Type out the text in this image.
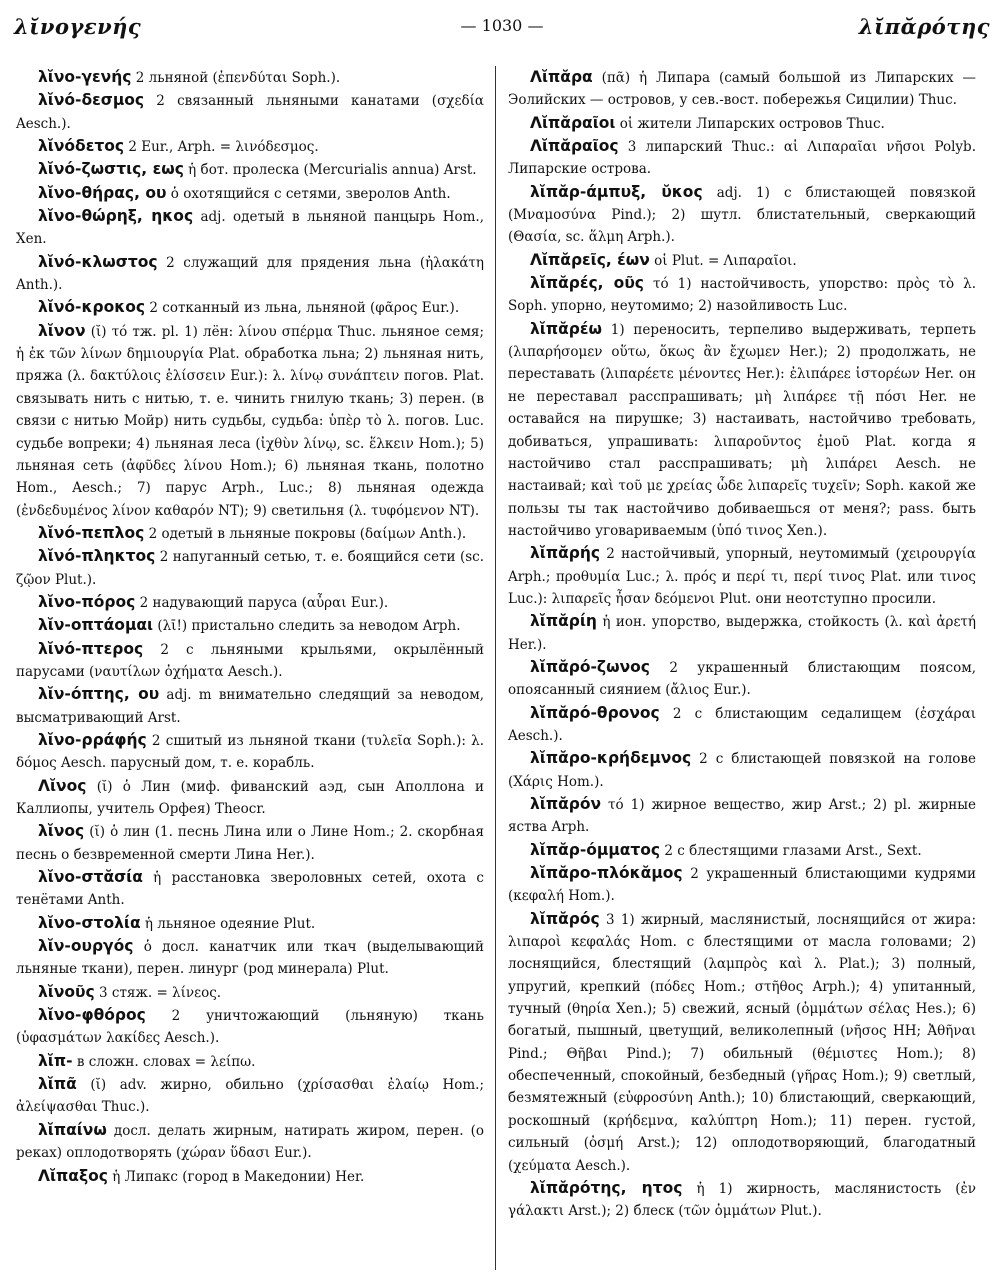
λῐνογενής	— 1030 —	λῐπᾰρότης

λῐνο-γενής 2 льняной (ἐπενδύται Soph.).

λῐνό-δεσμος 2 связанный льняными канатами (σχεδία Aesch.).

λῐνόδετος 2 Eur., Arph. = λινόδεσμος.

λῐνό-ζωστις, εως ἡ бот. пролеска (Mercurialis annua) Arst.

λῐνο-θήρας, ου ὁ охотящийся с сетями, зверолов Anth.

λῐνο-θώρηξ, ηκος adj. одетый в льняной панцырь Hom., Xen.

λῐνό-κλωστος 2 служащий для прядения льна (ἠλακάτη Anth.).

λῐνό-κροκος 2 сотканный из льна, льняной (φᾶρος Eur.).

λῐνον (ῐ) τό тж. pl. 1) лён: λίνου σπέρμα Thuc. льняное семя; ἡ ἐκ τῶν λίνων δημιουργία Plat. обработка льна; 2) льняная нить, пряжа (λ. δακτύλοις ἑλίσσειν Eur.): λ. λίνῳ συνάπτειν погов. Plat. связывать нить с нитью, т. е. чинить гнилую ткань; 3) перен. (в связи с нитью Мойр) нить судьбы, судьба: ὑπὲρ τὸ λ. погов. Luc. судьбе вопреки; 4) льняная леса (ἰχθὺν λίνῳ, sc. ἕλκειν Hom.); 5) льняная сеть (ἀφῦδες λίνου Hom.); 6) льняная ткань, полотно Hom., Aesch.; 7) парус Arph., Luc.; 8) льняная одежда (ἐνδεδυμένος λίνον καθαρόν NT); 9) светильня (λ. τυφόμενον NT).

λῐνό-πεπλος 2 одетый в льняные покровы (δαίμων Anth.).

λῐνό-πληκτος 2 напуганный сетью, т. е. боящийся сети (sc. ζῷον Plut.).

λῐνο-πόρος 2 надувающий паруса (αὖραι Eur.).

λῐν-οπτάομαι (λῑ!) пристально следить за неводом Arph.

λῐνό-πτερος 2 с льняными крыльями, окрылённый парусами (ναυτίλων ὀχήματα Aesch.).

λῐν-όπτης, ου adj. m внимательно следящий за неводом, высматривающий Arst.

λῐνο-ρράφής 2 сшитый из льняной ткани (τυλεῖα Soph.): λ. δόμος Aesch. парусный дом, т. е. корабль.

Λῐνος (ῐ) ὁ Лин (миф. фиванский аэд, сын Аполлона и Каллиопы, учитель Орфея) Theocr.

λῐνος (ῐ) ὁ лин (1. песнь Лина или о Лине Hom.; 2. скорбная песнь о безвременной смерти Лина Her.).

λῐνο-στᾰσία ἡ расстановка звероловных сетей, охота с тенётами Anth.

λῐνο-στολία ἡ льняное одеяние Plut.

λῐν-ουργός ὁ досл. канатчик или ткач (выделывающий льняные ткани), перен. линург (род минерала) Plut.

λῐνοῦς 3 стяж. = λίνεος.

λῐνο-φθόρος 2 уничтожающий (льняную) ткань (ὑφασμάτων λακίδες Aesch.).

λῐπ- в сложн. словах = λείπω.

λῐπᾶ (ῐ) adv. жирно, обильно (χρίσασθαι ἐλαίῳ Hom.; ἀλείψασθαι Thuc.).

λῐπαίνω досл. делать жирным, натирать жиром, перен. (о реках) оплодотворять (χώραν ὕδασι Eur.).

Λῐπαξος ἡ Липакс (город в Македонии) Her.

Λῐπᾰρα (πᾶ) ἡ Липара (самый большой из Липарских — Эолийских — островов, у сев.-вост. побережья Сицилии) Thuc.

Λῐπᾰραῖοι οἱ жители Липарских островов Thuc.

Λῐπᾰραῖος 3 липарский Thuc.: αἱ Λιπαραῖαι νῆσοι Polyb. Липарские острова.

λῐπᾰρ-άμπυξ, ῠκος adj. 1) с блистающей повязкой (Μναμοσύνα Pind.); 2) шутл. блистательный, сверкающий (Θασία, sc. ἅλμη Arph.).

Λῐπᾰρεῖς, έων οἱ Plut. = Λιπαραῖοι.

λῐπᾰρές, οῦς τό 1) настойчивость, упорство: πρὸς τὸ λ. Soph. упорно, неутомимо; 2) назойливость Luc.

λῐπᾰρέω 1) переносить, терпеливо выдерживать, терпеть (λιπαρήσομεν οὕτω, ὅκως ἂν ἔχωμεν Her.); 2) продолжать, не переставать (λιπαρέετε μένοντες Her.): ἐλιπάρεε ἱστορέων Her. он не переставал расспрашивать; μὴ λιπάρεε τῇ πόσι Her. не оставайся на пирушке; 3) настаивать, настойчиво требовать, добиваться, упрашивать: λιπαροῦντος ἐμοῦ Plat. когда я настойчиво стал расспрашивать; μὴ λιπάρει Aesch. не настаивай; καὶ τοῦ με χρείας ὧδε λιπαρεῖς τυχεῖν; Soph. какой же пользы ты так настойчиво добиваешься от меня?; pass. быть настойчиво уговариваемым (ὑπό τινος Xen.).

λῐπᾰρής 2 настойчивый, упорный, неутомимый (χειρουργία Arph.; προθυμία Luc.; λ. πρός и περί τι, περί τινος Plat. или τινος Luc.): λιπαρεῖς ἦσαν δεόμενοι Plut. они неотступно просили.

λῐπᾰρίη ἡ ион. упорство, выдержка, стойкость (λ. καὶ ἀρετή Her.).

λῐπᾰρό-ζωνος 2 украшенный блистающим поясом, опоясанный сиянием (ἄλιος Eur.).

λῐπᾰρό-θρονος 2 с блистающим седалищем (ἐσχάραι Aesch.).

λῐπᾰρο-κρήδεμνος 2 с блистающей повязкой на голове (Χάρις Hom.).

λῐπᾰρόν τό 1) жирное вещество, жир Arst.; 2) pl. жирные яства Arph.

λῐπᾰρ-όμματος 2 с блестящими глазами Arst., Sext.

λῐπᾰρο-πλόκᾰμος 2 украшенный блистающими кудрями (κεφαλή Hom.).

λῐπᾰρός 3 1) жирный, маслянистый, лоснящийся от жира: λιπαροὶ κεφαλάς Hom. с блестящими от масла головами; 2) лоснящийся, блестящий (λαμπρὸς καὶ λ. Plat.); 3) полный, упругий, крепкий (πόδες Hom.; στῆθος Arph.); 4) упитанный, тучный (θηρία Xen.); 5) свежий, ясный (ὀμμάτων σέλας Hes.); 6) богатый, пышный, цветущий, великолепный (νῆσος HH; Ἀθῆναι Pind.; Θῆβαι Pind.); 7) обильный (θέμιστες Hom.); 8) обеспеченный, спокойный, безбедный (γῆρας Hom.); 9) светлый, безмятежный (εὐφροσύνη Anth.); 10) блистающий, сверкающий, роскошный (κρήδεμνα, καλύπτρη Hom.); 11) перен. густой, сильный (ὀσμή Arst.); 12) оплодотворяющий, благодатный (χεύματα Aesch.).

λῐπᾰρότης, ητος ἡ 1) жирность, маслянистость (ἐν γάλακτι Arst.); 2) блеск (τῶν ὀμμάτων Plut.).
